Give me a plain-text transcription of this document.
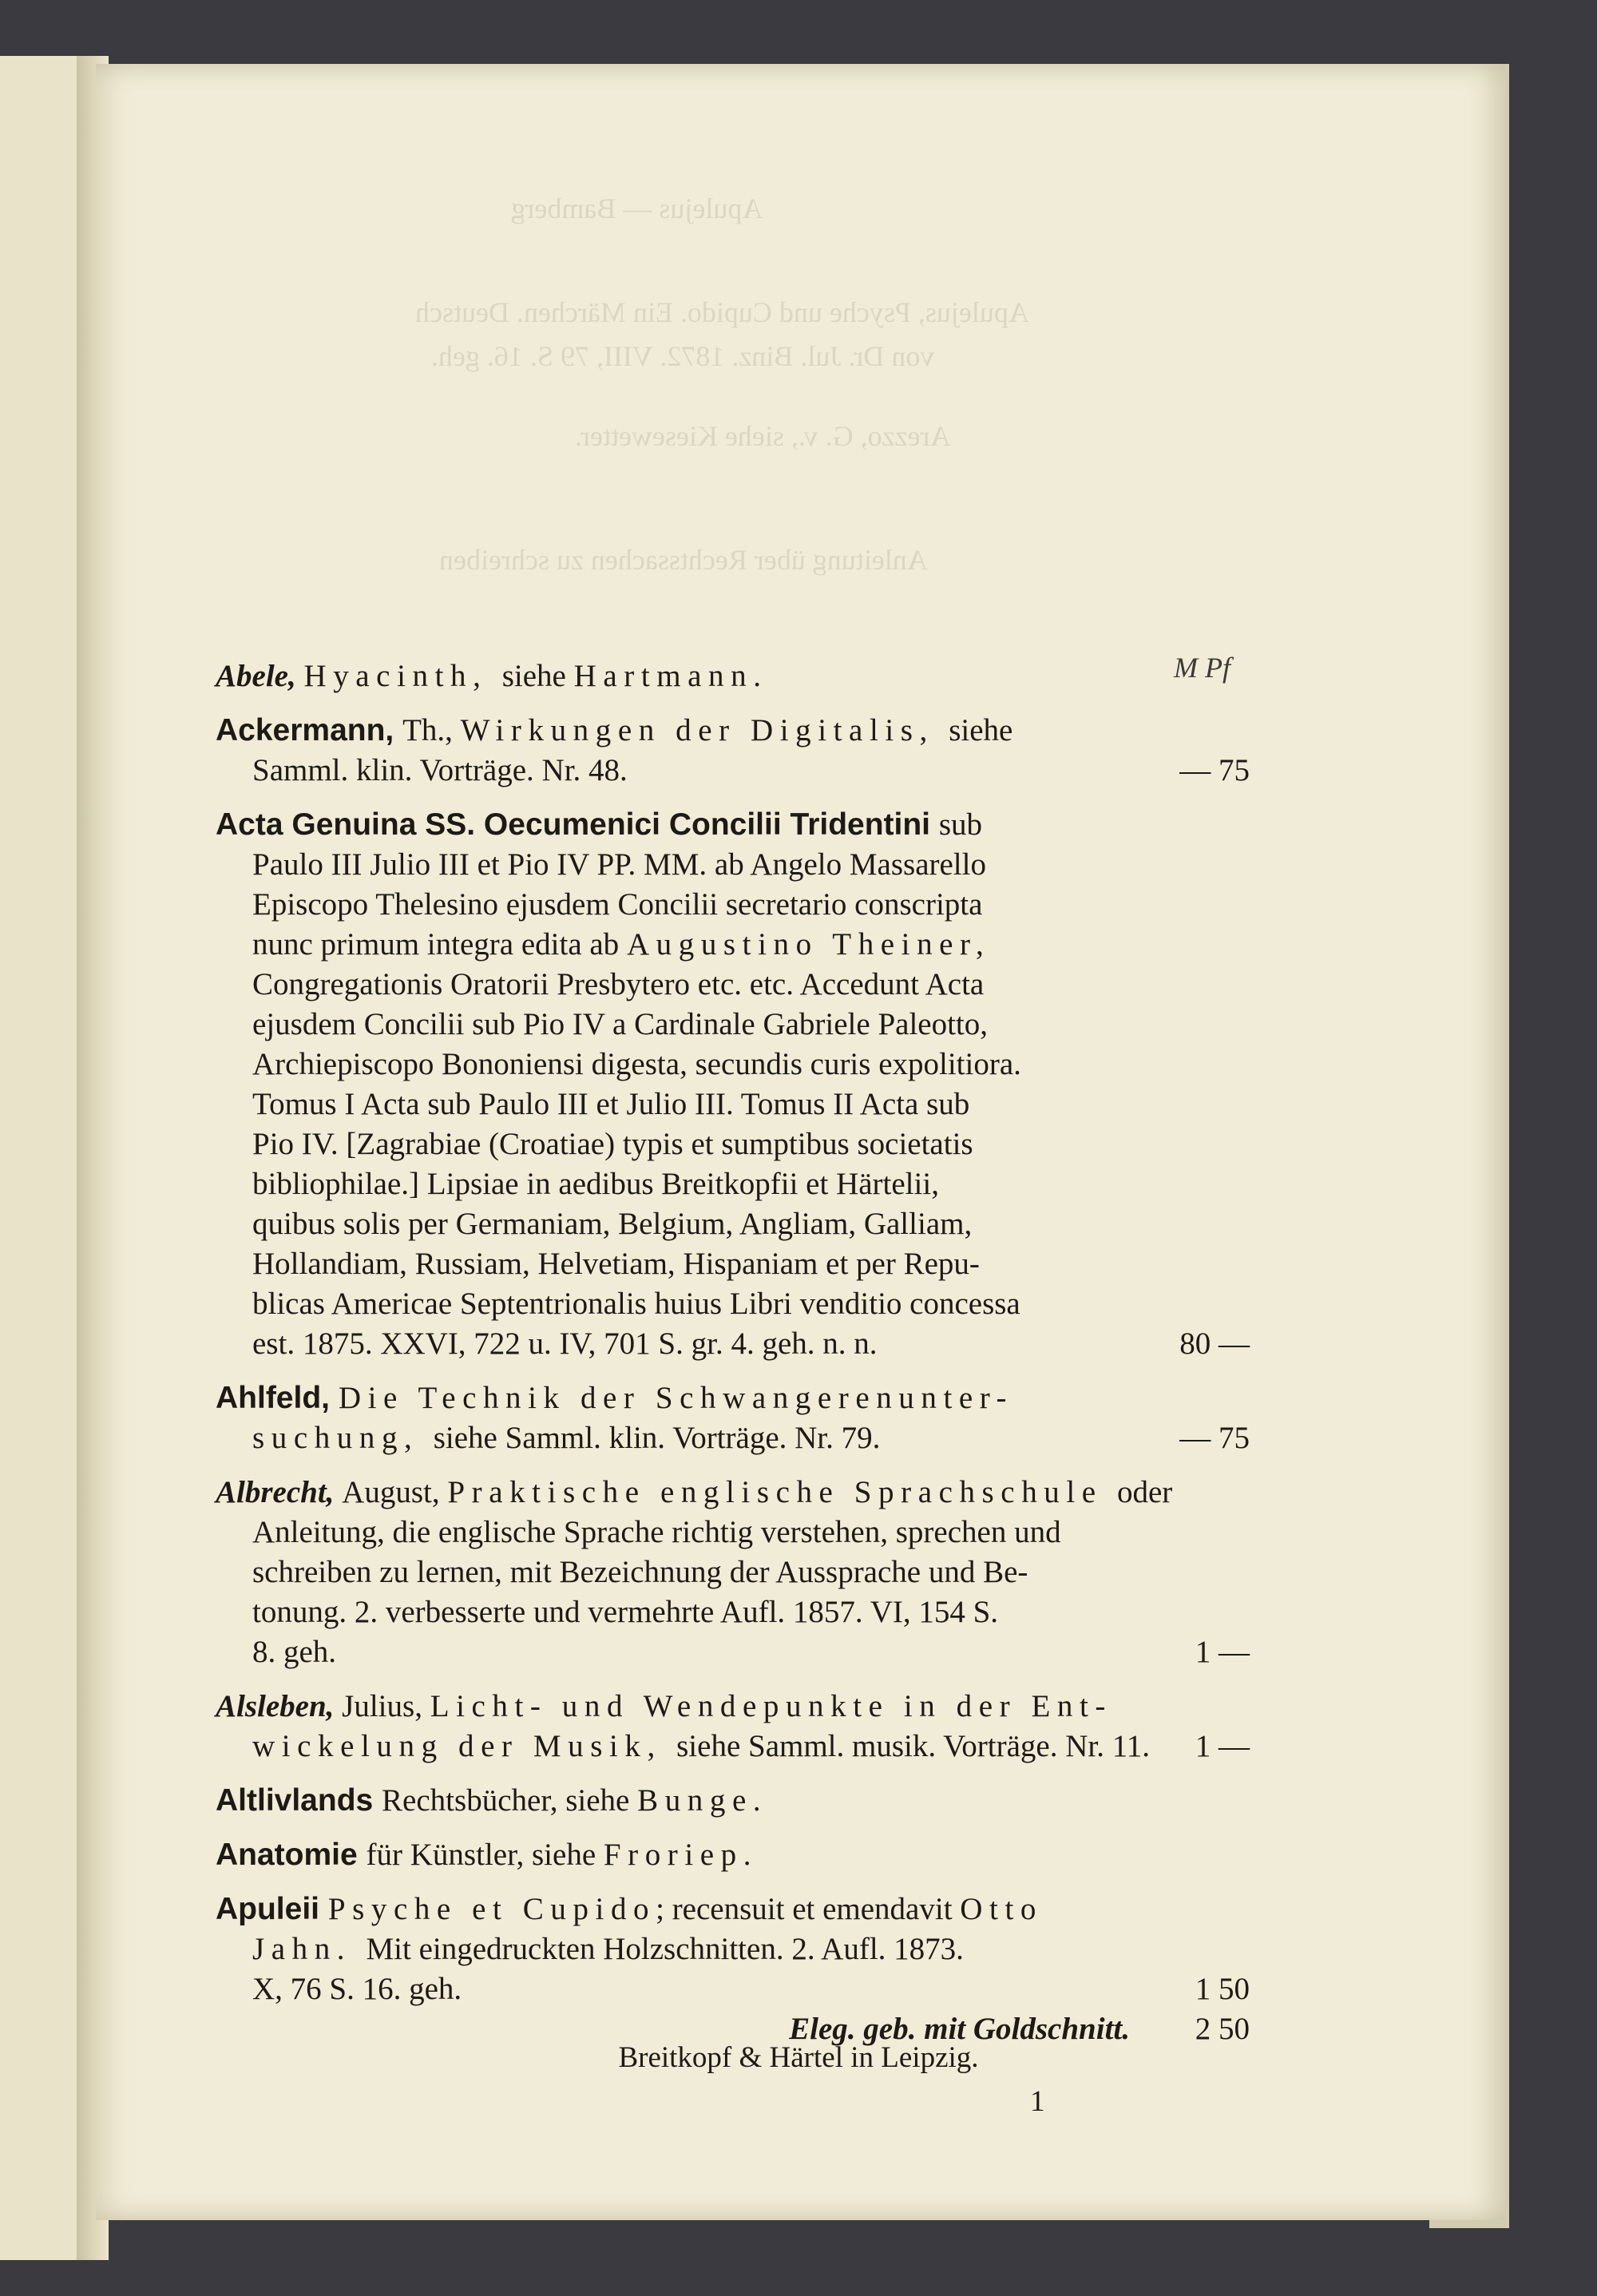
Apulejus — Bamberg
Apulejus, Psyche und Cupido. Ein Märchen. Deutsch
von Dr. Jul. Binz. 1872. VIII, 79 S. 16. geh.
Arezzo, G. v., siehe Kiesewetter.
Anleitung über Rechtssachen zu schreiben
M Pf
Abele, Hyacinth, siehe Hartmann.
Ackermann, Th., Wirkungen der Digitalis, siehe
Samml. klin. Vorträge. Nr. 48.	— 75
Acta Genuina SS. Oecumenici Concilii Tridentini sub
Paulo III Julio III et Pio IV PP. MM. ab Angelo Massarello
Episcopo Thelesino ejusdem Concilii secretario conscripta
nunc primum integra edita ab Augustino Theiner,
Congregationis Oratorii Presbytero etc. etc. Accedunt Acta
ejusdem Concilii sub Pio IV a Cardinale Gabriele Paleotto,
Archiepiscopo Bononiensi digesta, secundis curis expolitiora.
Tomus I Acta sub Paulo III et Julio III. Tomus II Acta sub
Pio IV. [Zagrabiae (Croatiae) typis et sumptibus societatis
bibliophilae.] Lipsiae in aedibus Breitkopfii et Härtelii,
quibus solis per Germaniam, Belgium, Angliam, Galliam,
Hollandiam, Russiam, Helvetiam, Hispaniam et per Repu-
blicas Americae Septentrionalis huius Libri venditio concessa
est. 1875. XXVI, 722 u. IV, 701 S. gr. 4. geh. n. n.	80 —
Ahlfeld, Die Technik der Schwangerenunter-
suchung, siehe Samml. klin. Vorträge. Nr. 79.	— 75
Albrecht, August, Praktische englische Sprachschule oder
Anleitung, die englische Sprache richtig verstehen, sprechen und
schreiben zu lernen, mit Bezeichnung der Aussprache und Be-
tonung. 2. verbesserte und vermehrte Aufl. 1857. VI, 154 S.
8. geh.	1 —
Alsleben, Julius, Licht- und Wendepunkte in der Ent-
wickelung der Musik, siehe Samml. musik. Vorträge. Nr. 11. 1 —
Altlivlands Rechtsbücher, siehe Bunge.
Anatomie für Künstler, siehe Froriep.
Apuleii Psyche et Cupido; recensuit et emendavit Otto
Jahn. Mit eingedruckten Holzschnitten. 2. Aufl. 1873.
X, 76 S. 16. geh.	1 50
Eleg. geb. mit Goldschnitt. 2 50
Breitkopf & Härtel in Leipzig.
1
